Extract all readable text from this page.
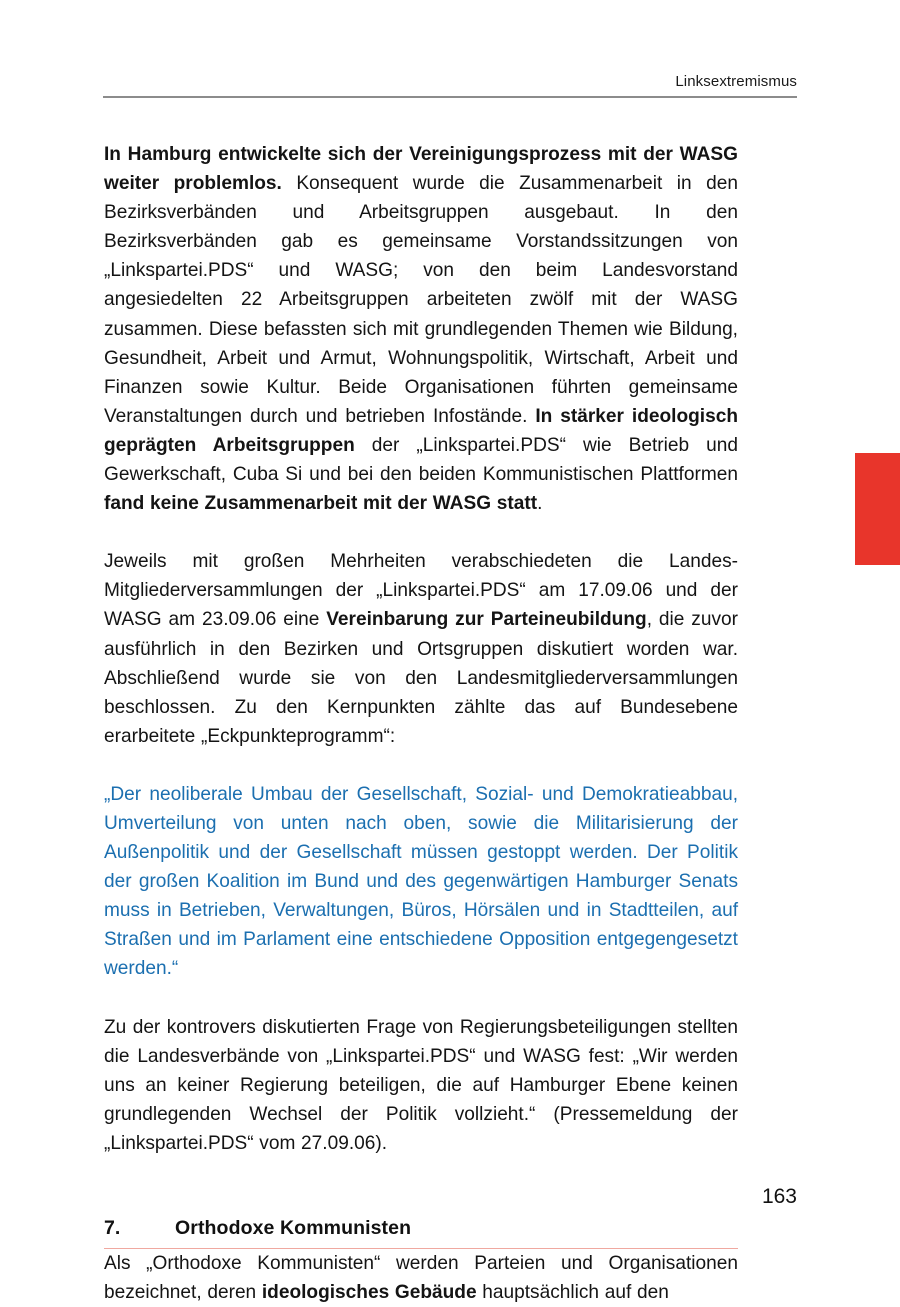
Linksextremismus

In Hamburg entwickelte sich der Vereinigungsprozess mit der WASG weiter problemlos. Konsequent wurde die Zusammenarbeit in den Bezirksverbänden und Arbeitsgruppen ausgebaut. In den Bezirksverbänden gab es gemeinsame Vorstandssitzungen von „Linkspartei.PDS“ und WASG; von den beim Landesvorstand angesiedelten 22 Arbeitsgruppen arbeiteten zwölf mit der WASG zusammen. Diese befassten sich mit grundlegenden Themen wie Bildung, Gesundheit, Arbeit und Armut, Wohnungspolitik, Wirtschaft, Arbeit und Finanzen sowie Kultur. Beide Organisationen führten gemeinsame Veranstaltungen durch und betrieben Infostände. In stärker ideologisch geprägten Arbeitsgruppen der „Linkspartei.PDS“ wie Betrieb und Gewerkschaft, Cuba Si und bei den beiden Kommunistischen Plattformen fand keine Zusammenarbeit mit der WASG statt.

Jeweils mit großen Mehrheiten verabschiedeten die Landes-Mitgliederversammlungen der „Linkspartei.PDS“ am 17.09.06 und der WASG am 23.09.06 eine Vereinbarung zur Parteineubildung, die zuvor ausführlich in den Bezirken und Ortsgruppen diskutiert worden war. Abschließend wurde sie von den Landesmitgliederversammlungen beschlossen. Zu den Kernpunkten zählte das auf Bundesebene erarbeitete „Eckpunkteprogramm“:

„Der neoliberale Umbau der Gesellschaft, Sozial- und Demokratieabbau, Umverteilung von unten nach oben, sowie die Militarisierung der Außenpolitik und der Gesellschaft müssen gestoppt werden. Der Politik der großen Koalition im Bund und des gegenwärtigen Hamburger Senats muss in Betrieben, Verwaltungen, Büros, Hörsälen und in Stadtteilen, auf Straßen und im Parlament eine entschiedene Opposition entgegengesetzt werden.“

Zu der kontrovers diskutierten Frage von Regierungsbeteiligungen stellten die Landesverbände von „Linkspartei.PDS“ und WASG fest: „Wir werden uns an keiner Regierung beteiligen, die auf Hamburger Ebene keinen grundlegenden Wechsel der Politik vollzieht.“ (Pressemeldung der „Linkspartei.PDS“ vom 27.09.06).

7.	Orthodoxe Kommunisten

Als „Orthodoxe Kommunisten“ werden Parteien und Organisationen bezeichnet, deren ideologisches Gebäude hauptsächlich auf den

163
